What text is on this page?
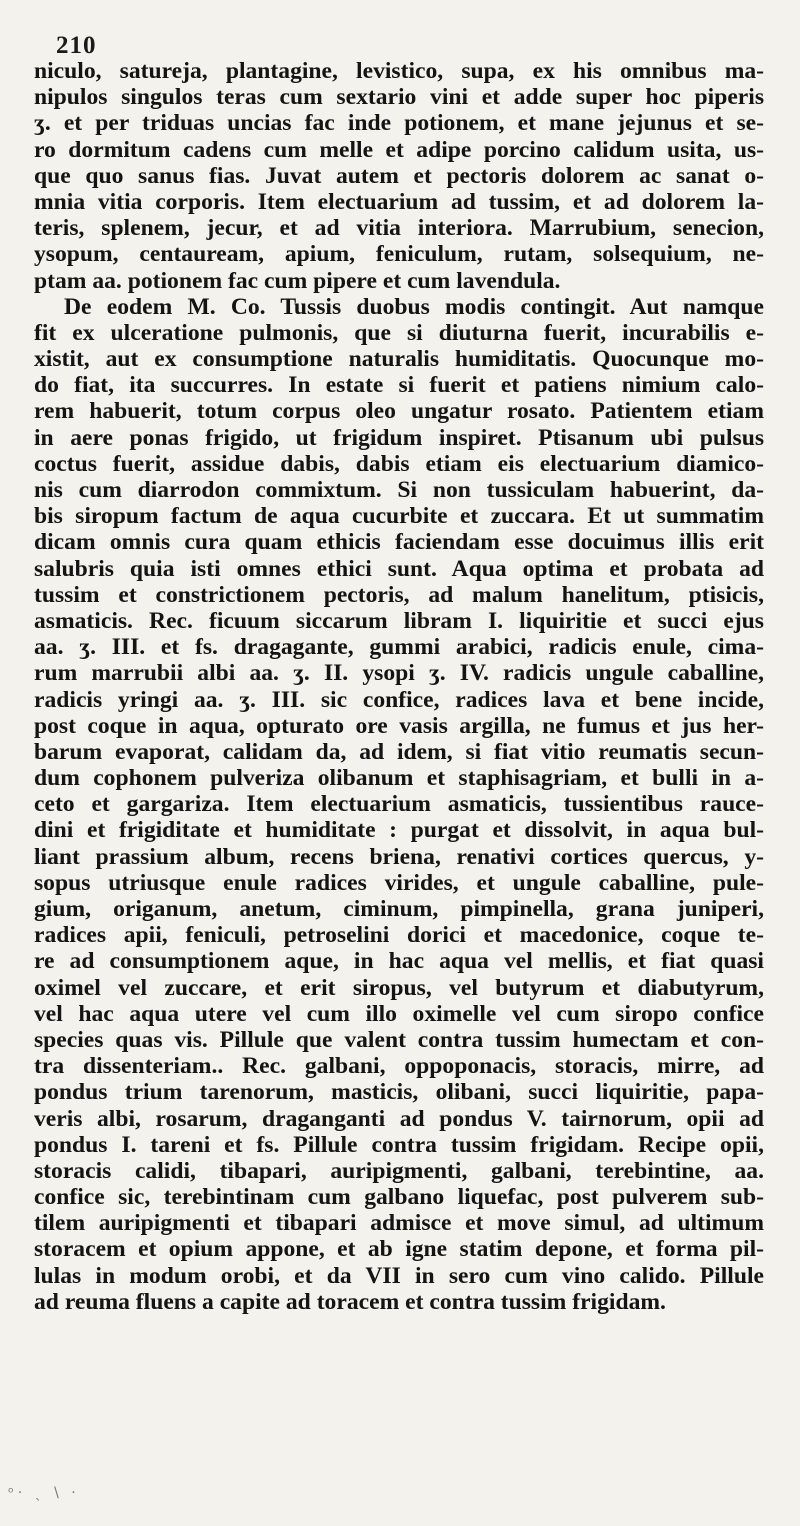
210
niculo, satureja, plantagine, levistico, supa, ex his omnibus ma-
nipulos singulos teras cum sextario vini et adde super hoc piperis
ʒ. et per triduas uncias fac inde potionem, et mane jejunus et se-
ro dormitum cadens cum melle et adipe porcino calidum usita, us-
que quo sanus fias. Juvat autem et pectoris dolorem ac sanat o-
mnia vitia corporis. Item electuarium ad tussim, et ad dolorem la-
teris, splenem, jecur, et ad vitia interiora. Marrubium, senecion,
ysopum, centauream, apium, feniculum, rutam, solsequium, ne-
ptam aa. potionem fac cum pipere et cum lavendula.
De eodem M. Co. Tussis duobus modis contingit. Aut namque
fit ex ulceratione pulmonis, que si diuturna fuerit, incurabilis e-
xistit, aut ex consumptione naturalis humiditatis. Quocunque mo-
do fiat, ita succurres. In estate si fuerit et patiens nimium calo-
rem habuerit, totum corpus oleo ungatur rosato. Patientem etiam
in aere ponas frigido, ut frigidum inspiret. Ptisanum ubi pulsus
coctus fuerit, assidue dabis, dabis etiam eis electuarium diamico-
nis cum diarrodon commixtum. Si non tussiculam habuerint, da-
bis siropum factum de aqua cucurbite et zuccara. Et ut summatim
dicam omnis cura quam ethicis faciendam esse docuimus illis erit
salubris quia isti omnes ethici sunt. Aqua optima et probata ad
tussim et constrictionem pectoris, ad malum hanelitum, ptisicis,
asmaticis. Rec. ficuum siccarum libram I. liquiritie et succi ejus
aa. ʒ. III. et fs. dragagante, gummi arabici, radicis enule, cima-
rum marrubii albi aa. ʒ. II. ysopi ʒ. IV. radicis ungule caballine,
radicis yringi aa. ʒ. III. sic confice, radices lava et bene incide,
post coque in aqua, opturato ore vasis argilla, ne fumus et jus her-
barum evaporat, calidam da, ad idem, si fiat vitio reumatis secun-
dum cophonem pulveriza olibanum et staphisagriam, et bulli in a-
ceto et gargariza. Item electuarium asmaticis, tussientibus rauce-
dini et frigiditate et humiditate : purgat et dissolvit, in aqua bul-
liant prassium album, recens brienа, renativi cortices quercus, y-
sopus utriusque enule radices virides, et ungule caballine, pule-
gium, origanum, anetum, ciminum, pimpinella, grana juniperi,
radices apii, feniculi, petroselini dorici et macedonice, coque te-
re ad consumptionem aque, in hac aqua vel mellis, et fiat quasi
oximel vel zuccare, et erit siropus, vel butyrum et diabutyrum,
vel hac aqua utere vel cum illo oximelle vel cum siropo confice
species quas vis. Pillule que valent contra tussim humectam et con-
tra dissenteriam.. Rec. galbani, oppoponacis, storacis, mirre, ad
pondus trium tarenorum, masticis, olibani, succi liquiritie, papa-
veris albi, rosarum, draganganti ad pondus V. tairnorum, opii ad
pondus I. tareni et fs. Pillule contra tussim frigidam. Recipe opii,
storacis calidi, tibapari, auripigmenti, galbani, terebintine, aa.
confice sic, terebintinam cum galbano liquefac, post pulverem sub-
tilem auripigmenti et tibapari admisce et move simul, ad ultimum
storacem et opium appone, et ab igne statim depone, et forma pil-
lulas in modum orobi, et da VII in sero cum vino calido. Pillule
ad reuma fluens a capite ad toracem et contra tussim frigidam.
ᵒ· ˎ \ ·
